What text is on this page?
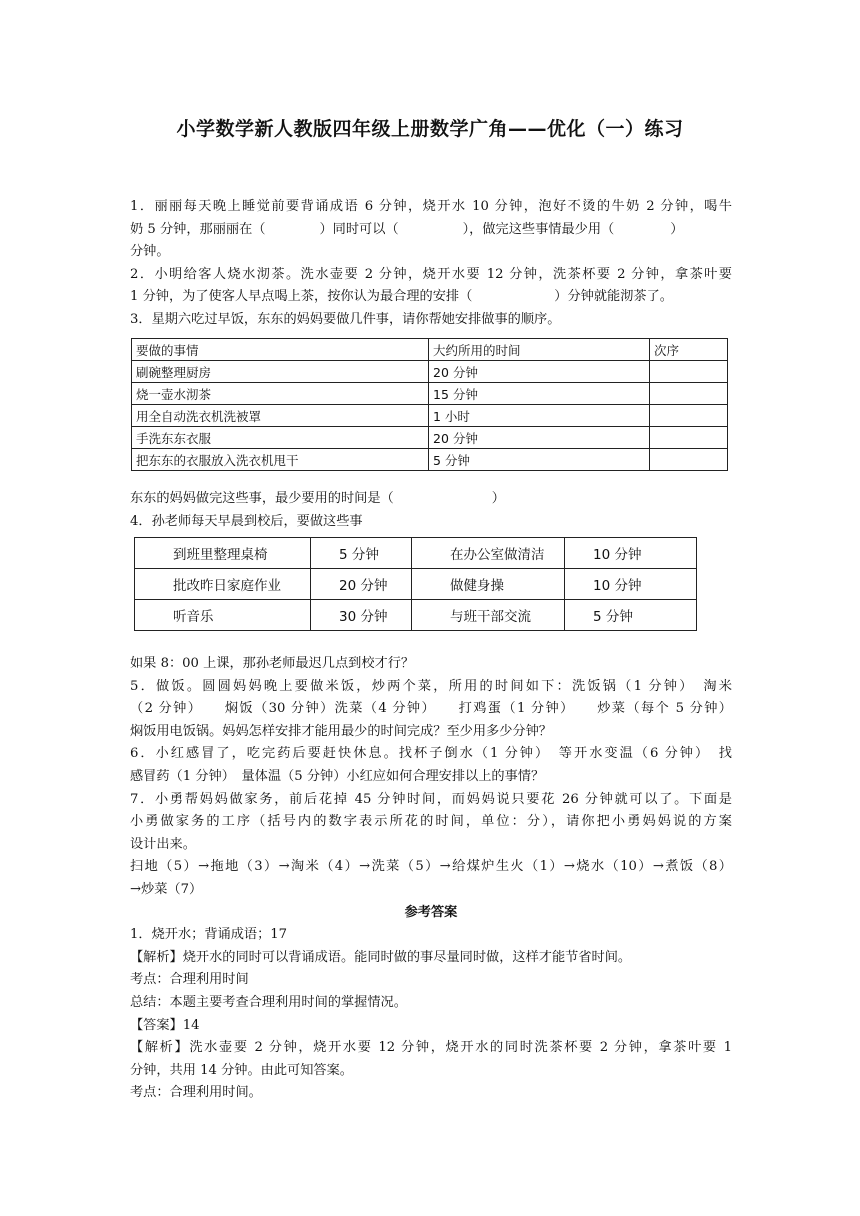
小学数学新人教版四年级上册数学广角——优化（一）练习
1．丽丽每天晚上睡觉前要背诵成语 6 分钟，烧开水 10 分钟，泡好不烫的牛奶 2 分钟，喝牛
奶 5 分钟，那丽丽在（	）同时可以（	），做完这些事情最少用（	）
分钟。
2．小明给客人烧水沏茶。洗水壶要 2 分钟，烧开水要 12 分钟，洗茶杯要 2 分钟，拿茶叶要
1 分钟，为了使客人早点喝上茶，按你认为最合理的安排（	）分钟就能沏茶了。
3．星期六吃过早饭，东东的妈妈要做几件事，请你帮她安排做事的顺序。
要做的事情	大约所用的时间	次序
刷碗整理厨房	20 分钟	
烧一壶水沏茶	15 分钟	
用全自动洗衣机洗被罩	1 小时	
手洗东东衣服	20 分钟	
把东东的衣服放入洗衣机甩干	5 分钟	
东东的妈妈做完这些事，最少要用的时间是（	）
4．孙老师每天早晨到校后，要做这些事
到班里整理桌椅	5 分钟	在办公室做清洁	10 分钟
批改昨日家庭作业	20 分钟	做健身操	10 分钟
听音乐	30 分钟	与班干部交流	5 分钟
如果 8：00 上课，那孙老师最迟几点到校才行？
5．做饭。圆圆妈妈晚上要做米饭，炒两个菜，所用的时间如下：洗饭锅（1 分钟）　淘米
（2 分钟）　　焖饭（30 分钟）洗菜（4 分钟）　　打鸡蛋（1 分钟）　　炒菜（每个 5 分钟）
焖饭用电饭锅。妈妈怎样安排才能用最少的时间完成？至少用多少分钟？
6．小红感冒了，吃完药后要赶快休息。找杯子倒水（1 分钟）　等开水变温（6 分钟）　找
感冒药（1 分钟）　量体温（5 分钟）小红应如何合理安排以上的事情？
7．小勇帮妈妈做家务，前后花掉 45 分钟时间，而妈妈说只要花 26 分钟就可以了。下面是
小勇做家务的工序（括号内的数字表示所花的时间，单位：分），请你把小勇妈妈说的方案
设计出来。
扫地（5）→拖地（3）→淘米（4）→洗菜（5）→给煤炉生火（1）→烧水（10）→煮饭（8）
→炒菜（7）
参考答案
1．烧开水；背诵成语；17
【解析】烧开水的同时可以背诵成语。能同时做的事尽量同时做，这样才能节省时间。
考点：合理利用时间
总结：本题主要考查合理利用时间的掌握情况。
【答案】14
【解析】洗水壶要 2 分钟，烧开水要 12 分钟，烧开水的同时洗茶杯要 2 分钟，拿茶叶要 1
分钟，共用 14 分钟。由此可知答案。
考点：合理利用时间。
